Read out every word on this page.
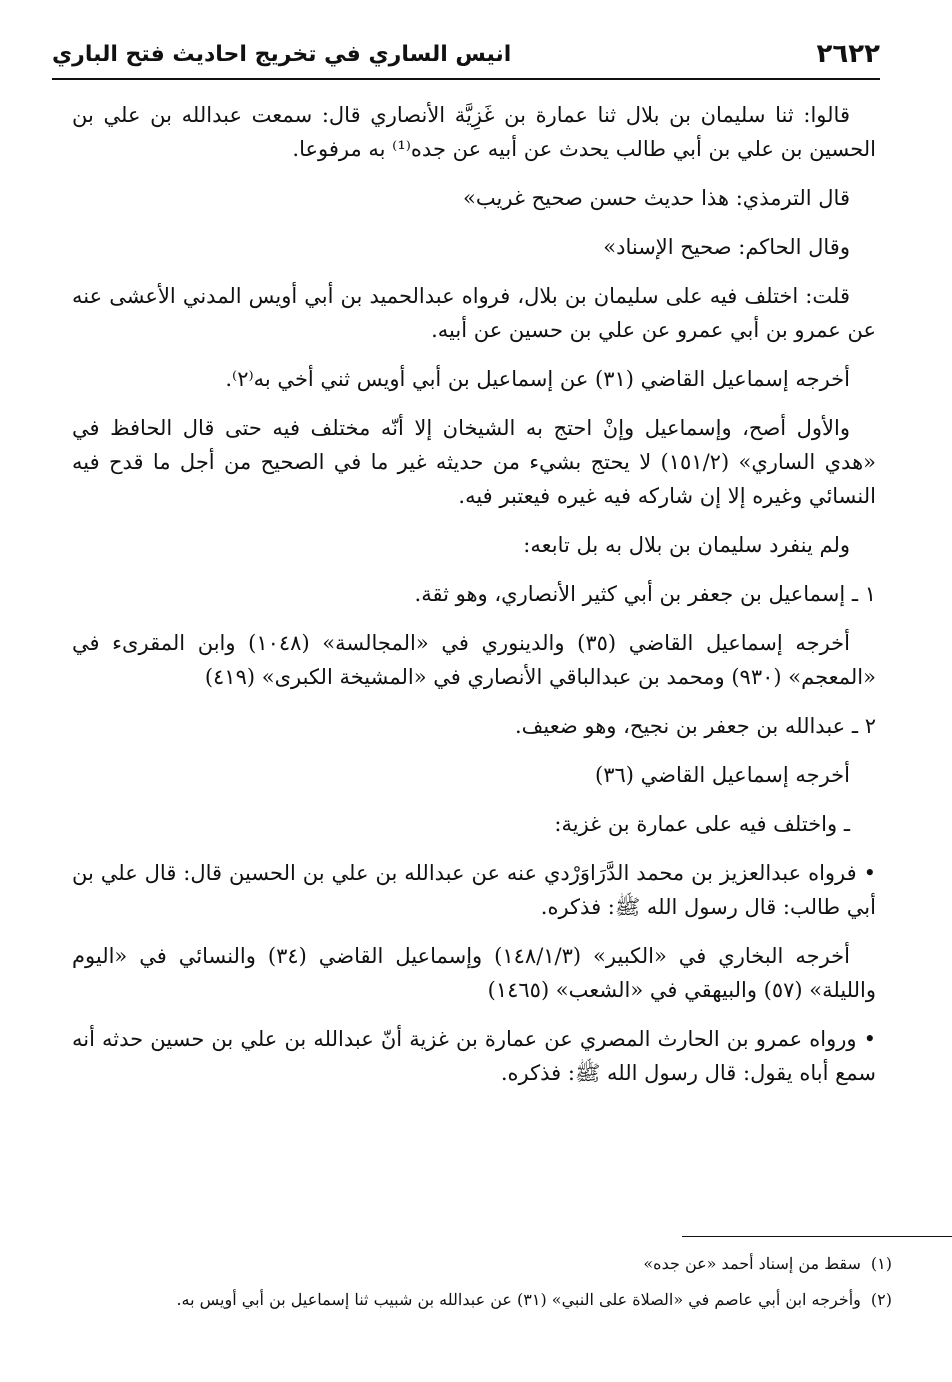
٢٦٢٢
انيس الساري في تخريج احاديث فتح الباري

قالوا: ثنا سليمان بن بلال ثنا عمارة بن غَزِيَّة الأنصاري قال: سمعت عبدالله بن علي بن الحسين بن علي بن أبي طالب يحدث عن أبيه عن جده⁽¹⁾ به مرفوعا.

قال الترمذي: هذا حديث حسن صحيح غريب»

وقال الحاكم: صحيح الإسناد»

قلت: اختلف فيه على سليمان بن بلال، فرواه عبدالحميد بن أبي أويس المدني الأعشى عنه عن عمرو بن أبي عمرو عن علي بن حسين عن أبيه.

أخرجه إسماعيل القاضي (٣١) عن إسماعيل بن أبي أويس ثني أخي به⁽٢⁾.

والأول أصح، وإسماعيل وإنْ احتج به الشيخان إلا أنّه مختلف فيه حتى قال الحافظ في «هدي الساري» (١٥١/٢) لا يحتج بشيء من حديثه غير ما في الصحيح من أجل ما قدح فيه النسائي وغيره إلا إن شاركه فيه غيره فيعتبر فيه.

ولم ينفرد سليمان بن بلال به بل تابعه:

١ ـ إسماعيل بن جعفر بن أبي كثير الأنصاري، وهو ثقة.

أخرجه إسماعيل القاضي (٣٥) والدينوري في «المجالسة» (١٠٤٨) وابن المقرىء في «المعجم» (٩٣٠) ومحمد بن عبدالباقي الأنصاري في «المشيخة الكبرى» (٤١٩)

٢ ـ عبدالله بن جعفر بن نجيح، وهو ضعيف.

أخرجه إسماعيل القاضي (٣٦)

ـ واختلف فيه على عمارة بن غزية:

• فرواه عبدالعزيز بن محمد الدَّرَاوَرْدي عنه عن عبدالله بن علي بن الحسين قال: قال علي بن أبي طالب: قال رسول الله ﷺ: فذكره.

أخرجه البخاري في «الكبير» (١٤٨/١/٣) وإسماعيل القاضي (٣٤) والنسائي في «اليوم والليلة» (٥٧) والبيهقي في «الشعب» (١٤٦٥)

• ورواه عمرو بن الحارث المصري عن عمارة بن غزية أنّ عبدالله بن علي بن حسين حدثه أنه سمع أباه يقول: قال رسول الله ﷺ: فذكره.

(١)سقط من إسناد أحمد «عن جده»

(٢)وأخرجه ابن أبي عاصم في «الصلاة على النبي» (٣١) عن عبدالله بن شبيب ثنا إسماعيل بن أبي أويس به.
